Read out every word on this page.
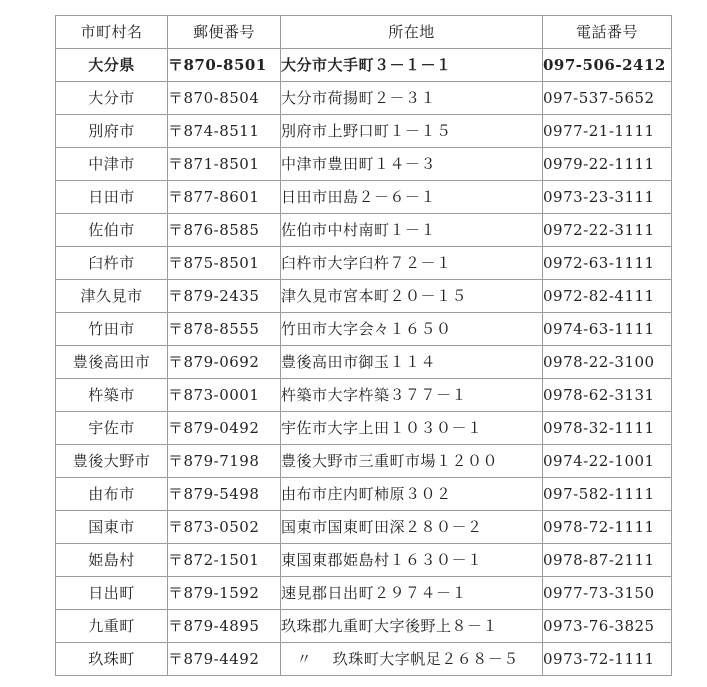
市町村名	郵便番号	所在地	電話番号
大分県	〒870-8501	大分市大手町３－１－１	097-506-2412
大分市	〒870-8504	大分市荷揚町２－３１	097-537-5652
別府市	〒874-8511	別府市上野口町１－１５	0977-21-1111
中津市	〒871-8501	中津市豊田町１４－３	0979-22-1111
日田市	〒877-8601	日田市田島２－６－１	0973-23-3111
佐伯市	〒876-8585	佐伯市中村南町１－１	0972-22-3111
臼杵市	〒875-8501	臼杵市大字臼杵７２－１	0972-63-1111
津久見市	〒879-2435	津久見市宮本町２０－１５	0972-82-4111
竹田市	〒878-8555	竹田市大字会々１６５０	0974-63-1111
豊後高田市	〒879-0692	豊後高田市御玉１１４	0978-22-3100
杵築市	〒873-0001	杵築市大字杵築３７７－１	0978-62-3131
宇佐市	〒879-0492	宇佐市大字上田１０３０－１	0978-32-1111
豊後大野市	〒879-7198	豊後大野市三重町市場１２００	0974-22-1001
由布市	〒879-5498	由布市庄内町柿原３０２	097-582-1111
国東市	〒873-0502	国東市国東町田深２８０－２	0978-72-1111
姫島村	〒872-1501	東国東郡姫島村１６３０－１	0978-87-2111
日出町	〒879-1592	速見郡日出町２９７４－１	0977-73-3150
九重町	〒879-4895	玖珠郡九重町大字後野上８－１	0973-76-3825
玖珠町	〒879-4492	　〃　 玖珠町大字帆足２６８－５	0973-72-1111
